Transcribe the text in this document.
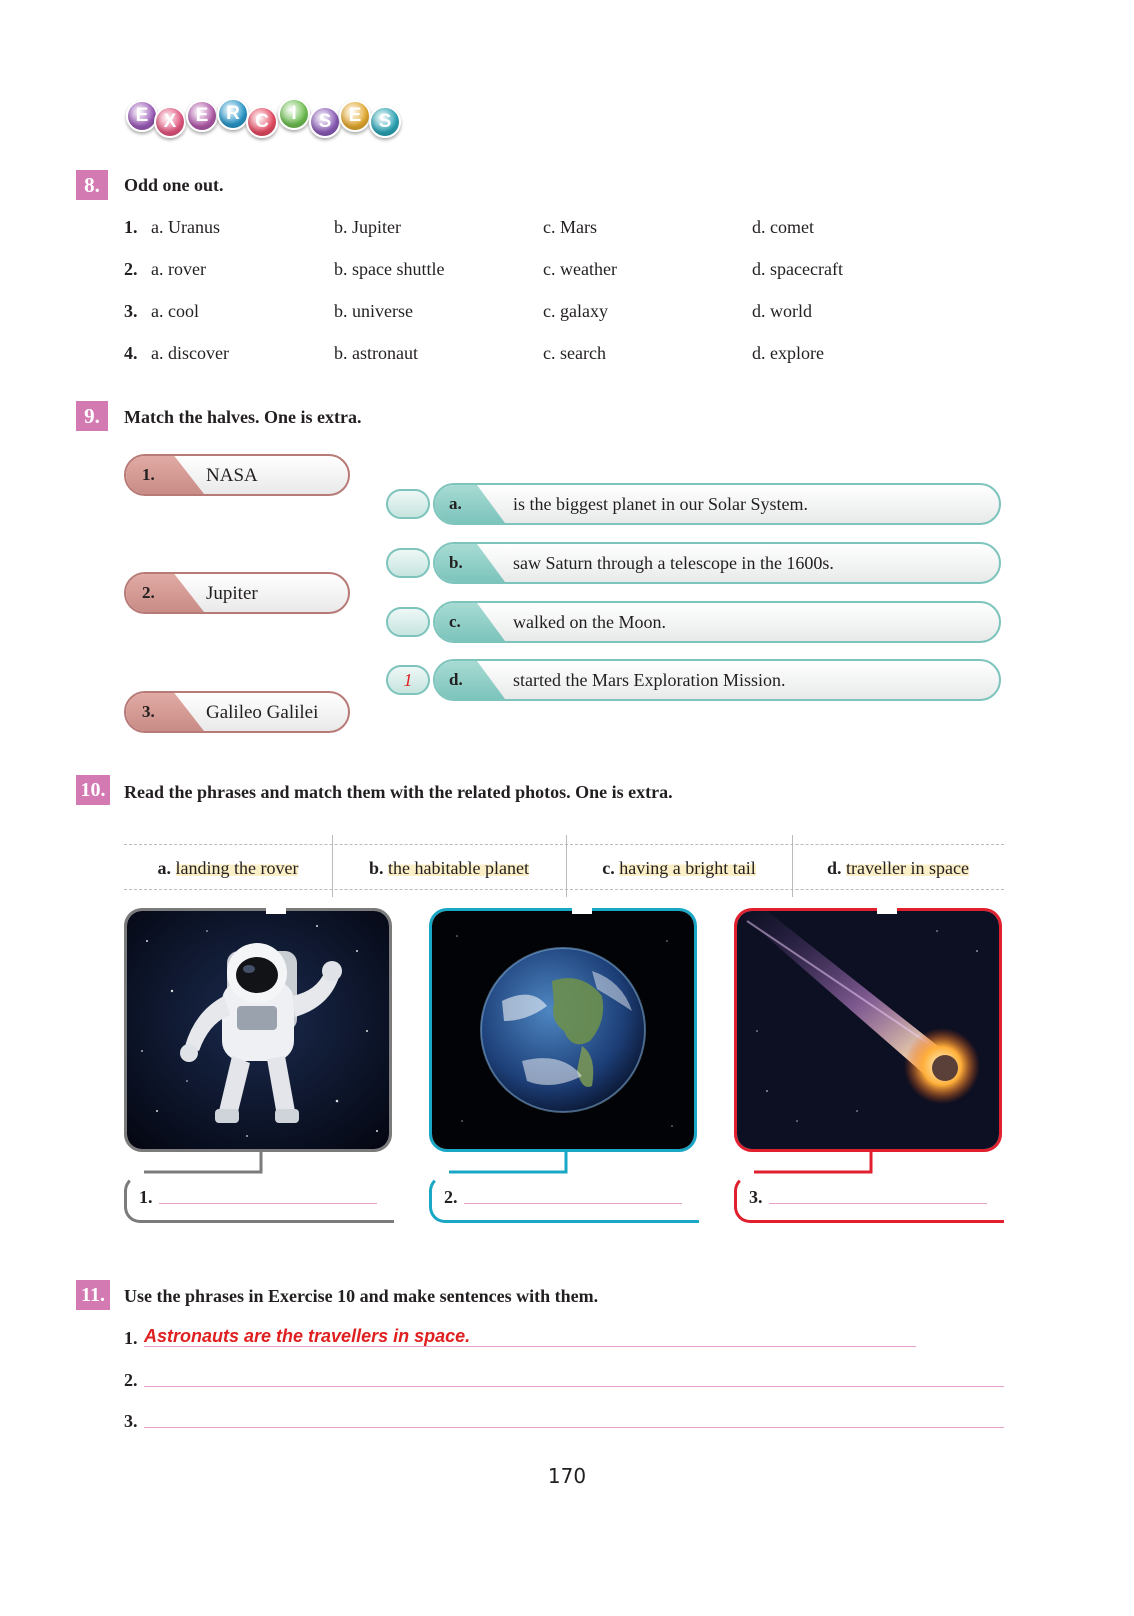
E X	E R C	I	S E S
8.	Odd one out.
1. a. Uranus	b. Jupiter	c. Mars	d. comet
2. a. rover	b. space shuttle	c. weather	d. spacecraft
3. a. cool	b. universe	c. galaxy	d. world
4. a. discover	b. astronaut	c. search	d. explore
9.	Match the halves. One is extra.
1.	NASA
2.	Jupiter
3.	Galileo Galilei
a.	is the biggest planet in our Solar System.
b.	saw Saturn through a telescope in the 1600s.
c.	walked on the Moon.
1	d.	started the Mars Exploration Mission.
10. Read the phrases and match them with the related photos. One is extra.
a.
landing the rover	b.
the habitable planet	c.
having a bright tail	d.
traveller in space
1.	2.	3.
11. Use the phrases in Exercise 10 and make sentences with them.
1. Astronauts are the travellers in space.
2.
3.
170
